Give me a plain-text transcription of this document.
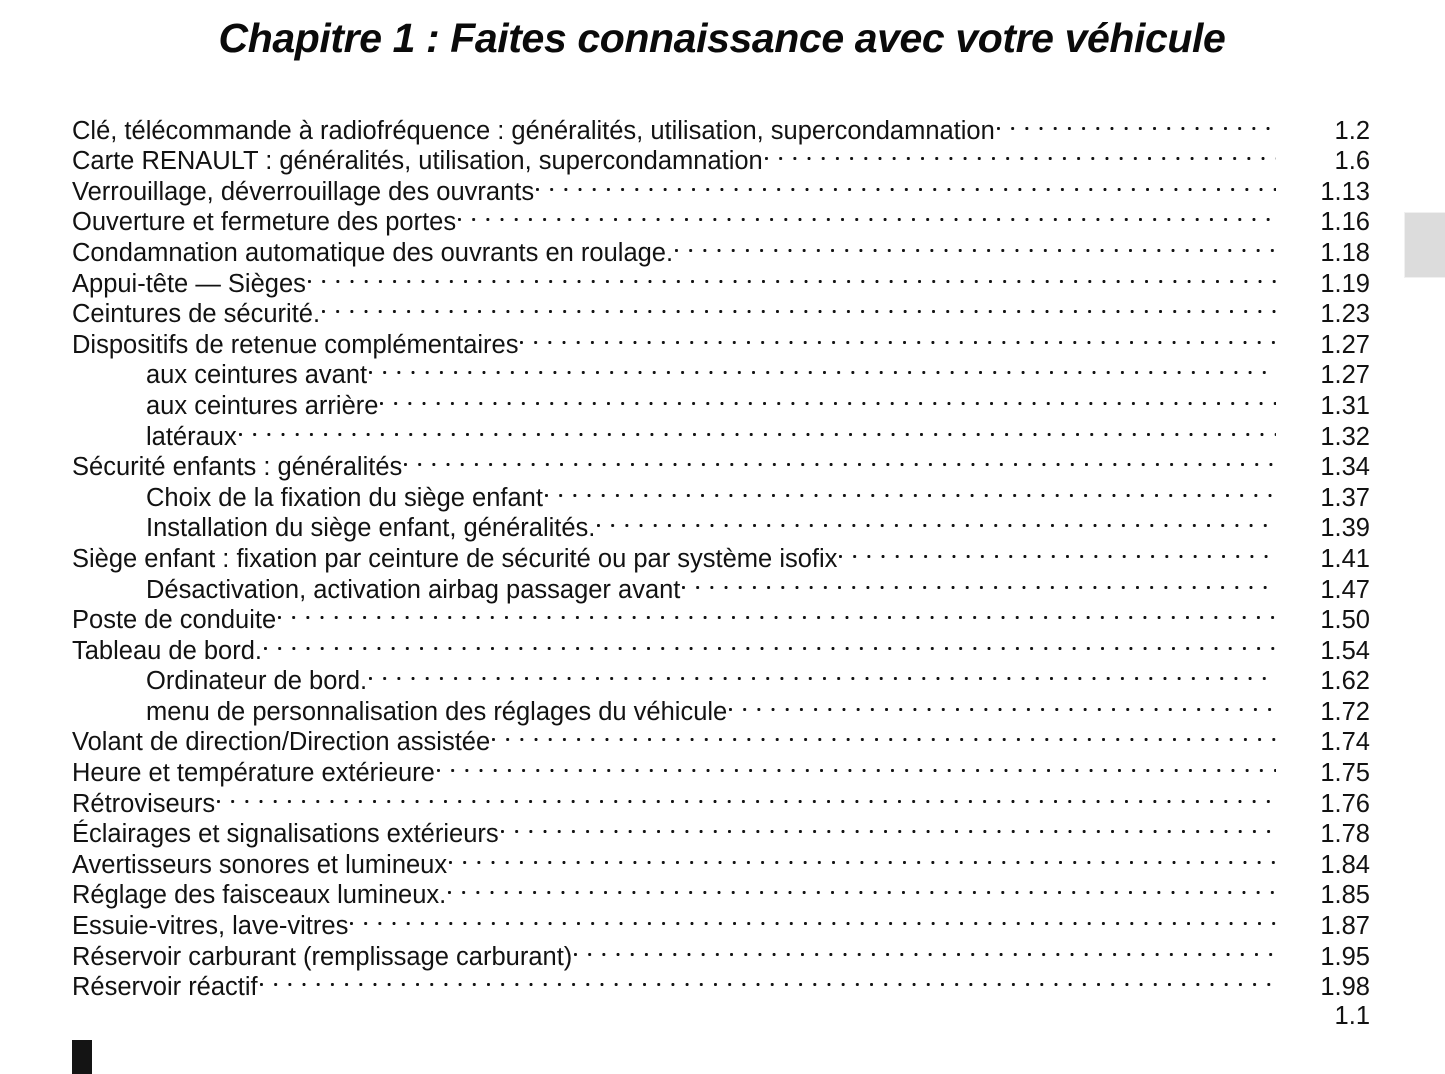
Chapitre 1 : Faites connaissance avec votre véhicule
Clé, télécommande à radiofréquence : généralités, utilisation, supercondamnation	1.2
Carte RENAULT : généralités, utilisation, supercondamnation	1.6
Verrouillage, déverrouillage des ouvrants	1.13
Ouverture et fermeture des portes	1.16
Condamnation automatique des ouvrants en roulage.	1.18
Appui-tête — Sièges	1.19
Ceintures de sécurité.	1.23
Dispositifs de retenue complémentaires	1.27
aux ceintures avant	1.27
aux ceintures arrière	1.31
latéraux	1.32
Sécurité enfants : généralités	1.34
Choix de la fixation du siège enfant	1.37
Installation du siège enfant, généralités.	1.39
Siège enfant : fixation par ceinture de sécurité ou par système isofix	1.41
Désactivation, activation airbag passager avant	1.47
Poste de conduite	1.50
Tableau de bord.	1.54
Ordinateur de bord.	1.62
menu de personnalisation des réglages du véhicule	1.72
Volant de direction/Direction assistée	1.74
Heure et température extérieure	1.75
Rétroviseurs	1.76
Éclairages et signalisations extérieurs	1.78
Avertisseurs sonores et lumineux	1.84
Réglage des faisceaux lumineux.	1.85
Essuie-vitres, lave-vitres	1.87
Réservoir carburant (remplissage carburant)	1.95
Réservoir réactif	1.98
1.1
